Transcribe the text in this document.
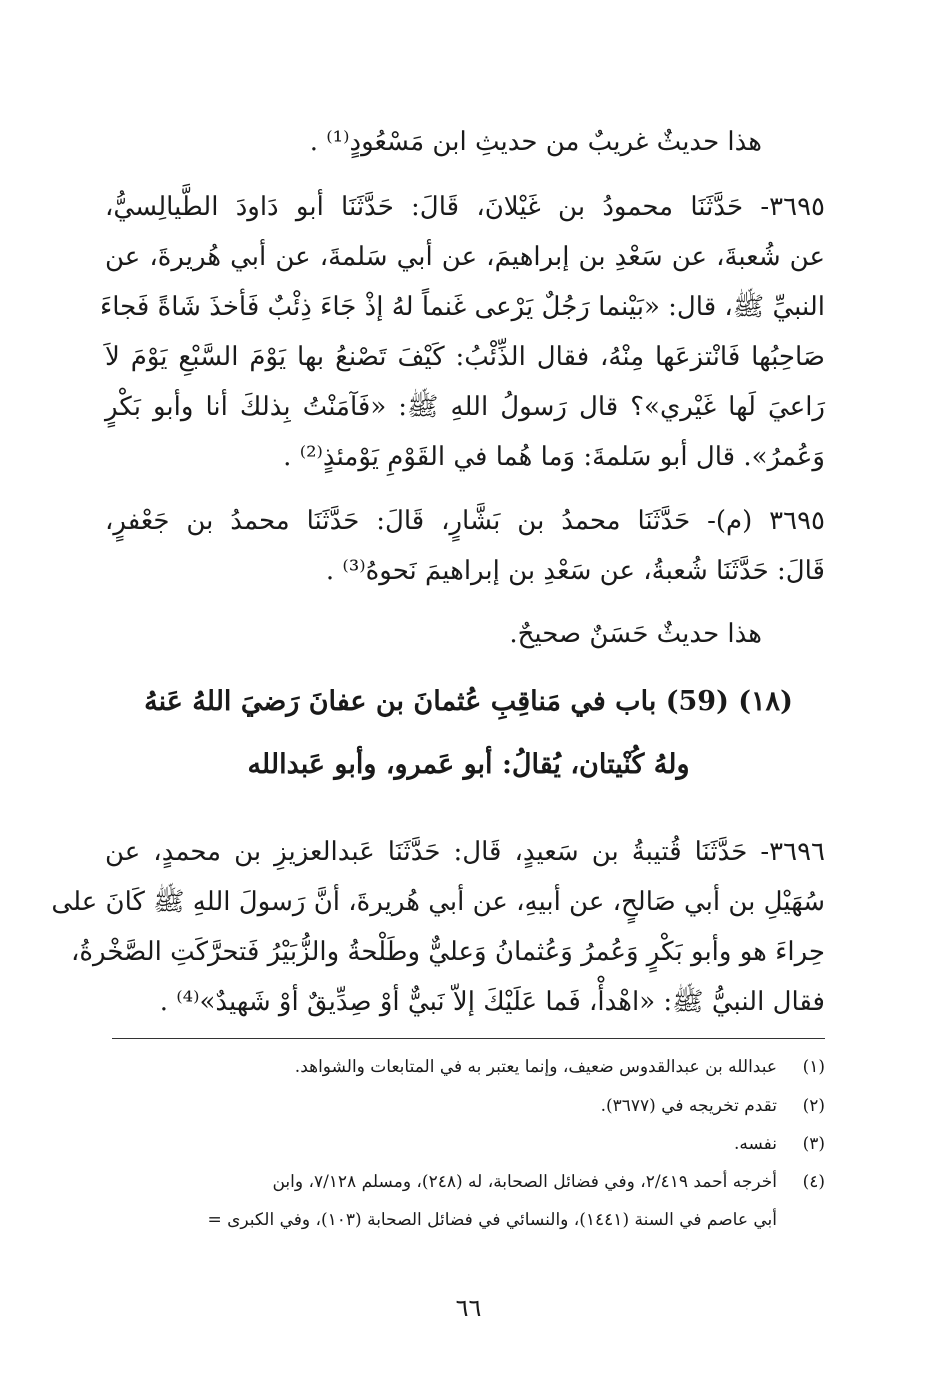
هذا حديثٌ غريبٌ من حديثِ ابن مَسْعُودٍ⁽¹⁾ .
٣٦٩٥- حَدَّثَنَا محمودُ بن غَيْلانَ، قَالَ: حَدَّثَنَا أبو دَاودَ الطَّيالِسيُّ،
عن شُعبةَ، عن سَعْدِ بن إبراهيمَ، عن أبي سَلمةَ، عن أبي هُريرةَ، عن
النبيِّ ﷺ، قال: «بَيْنما رَجُلٌ يَرْعى غَنماً لهُ إذْ جَاءَ ذِئْبٌ فَأخذَ شَاةً فَجاءَ
صَاحِبُها فَانْتزعَها مِنْهُ، فقال الذِّئْبُ: كَيْفَ تَصْنعُ بها يَوْمَ السَّبْعِ يَوْمَ لاَ
رَاعيَ لَها غَيْري»؟ قال رَسولُ اللهِ ﷺ: «فَآمَنْتُ بِذلكَ أنا وأبو بَكْرٍ
وَعُمرُ». قال أبو سَلمةَ: وَما هُما في القَوْمِ يَوْمئذٍ⁽²⁾ .
٣٦٩٥ (م)- حَدَّثَنَا محمدُ بن بَشَّارٍ، قَالَ: حَدَّثَنَا محمدُ بن جَعْفرٍ،
قَالَ: حَدَّثَنَا شُعبةُ، عن سَعْدِ بن إبراهيمَ نَحوهُ⁽³⁾ .
هذا حديثٌ حَسَنٌ صحيحٌ.
(١٨) (59) باب في مَناقِبِ عُثمانَ بن عفانَ رَضيَ اللهُ عَنهُ
ولهُ كُنْيتان، يُقالُ: أبو عَمرو، وأبو عَبدالله
٣٦٩٦- حَدَّثَنَا قُتيبةُ بن سَعيدٍ، قَال: حَدَّثَنَا عَبدالعزيزِ بن محمدٍ، عن
سُهَيْلِ بن أبي صَالحٍ، عن أبيهِ، عن أبي هُريرةَ، أنَّ رَسولَ اللهِ ﷺ كَانَ على
حِراءَ هو وأبو بَكْرٍ وَعُمرُ وَعُثمانُ وَعليٌّ وطَلْحةُ والزُّبَيْرُ فَتحرَّكَتِ الصَّخْرةُ،
فقال النبيُّ ﷺ: «اهْدأْ، فَما عَلَيْكَ إلاّ نَبيٌّ أوْ صِدِّيقٌ أوْ شَهيدٌ»⁽⁴⁾ .
(١)عبدالله بن عبدالقدوس ضعيف، وإنما يعتبر به في المتابعات والشواهد.
(٢)تقدم تخريجه في (٣٦٧٧).
(٣)نفسه.
(٤)أخرجه أحمد ٢/٤١٩، وفي فضائل الصحابة، له (٢٤٨)، ومسلم ٧/١٢٨، وابن
أبي عاصم في السنة (١٤٤١)، والنسائي في فضائل الصحابة (١٠٣)، وفي الكبرى =
٦٦
